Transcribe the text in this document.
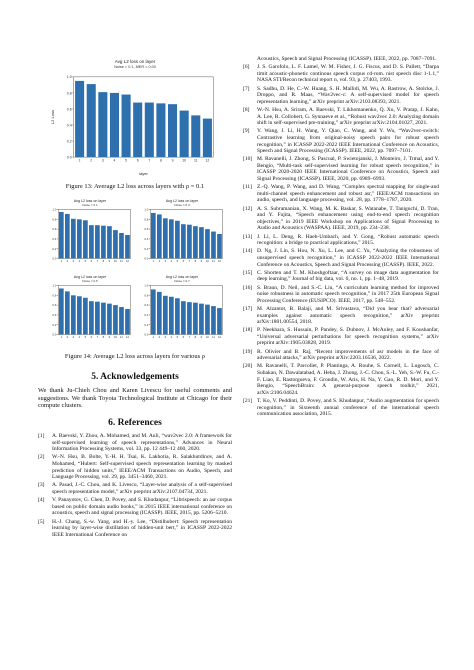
Avg L2 loss on layer
Noise = 0.1, MER = 0.00
0.0
0.2
0.4
0.6
0.8
1.0
1	2	3	4	5	6	7	8	9	10 11 12
layer
L2 Loss
Figure 13: Average L2 loss across layers with ρ = 0.1
Avg L2 loss on layer
Noise = 0.1
0.0
0.2
0.4
0.6
0.8
1.0
1 2 3 4 5 6 7 8 9 10 11 12
Avg L2 loss on layer
Noise = 0.3
0.0
0.2
0.4
0.6
0.8
1.0
1 2 3 4 5 6 7 8 9 10 11 12
Avg L2 loss on layer
Noise = 0.5
0.0
0.2
0.4
0.6
0.8
1.0
1 2 3 4 5 6 7 8 9 10 11 12
Avg L2 loss on layer
Noise = 0.7
0.0
0.2
0.4
0.6
0.8
1.0
1 2 3 4 5 6 7 8 9 10 11 12
Figure 14: Average L2 loss across layers for various ρ
5. Acknowledgements
We thank Ju-Chieh Chou and Karen Livescu for useful comments and suggestions. We thank Toyota Technological Institute at Chicago for their compute clusters.
6. References
[1] A. Baevski, Y. Zhou, A. Mohamed, and M. Auli, “wav2vec 2.0: A framework for self-supervised learning of speech representations,” Advances in Neural Information Processing Systems, vol. 33, pp. 12 449–12 460, 2020.
[2] W.-N. Hsu, B. Bolte, Y.-H. H. Tsai, K. Lakhotia, R. Salakhutdinov, and A. Mohamed, “Hubert: Self-supervised speech representation learning by masked prediction of hidden units,” IEEE/ACM Transactions on Audio, Speech, and Language Processing, vol. 29, pp. 3451–3460, 2021.
[3] A. Pasad, J.-C. Chou, and K. Livescu, “Layer-wise analysis of a self-supervised speech representation model,” arXiv preprint arXiv:2107.04734, 2021.
[4] V. Panayotov, G. Chen, D. Povey, and S. Khudanpur, “Librispeech: an asr corpus based on public domain audio books,” in 2015 IEEE international conference on acoustics, speech and signal processing (ICASSP). IEEE, 2015, pp. 5206–5210.
[5] H.-J. Chang, S.-w. Yang, and H.-y. Lee, “Distilhubert: Speech representation learning by layer-wise distillation of hidden-unit bert,” in ICASSP 2022-2022 IEEE International Conference on
Acoustics, Speech and Signal Processing (ICASSP). IEEE, 2022, pp. 7087–7091.
[6] J. S. Garofolo, L. F. Lamel, W. M. Fisher, J. G. Fiscus, and D. S. Pallett, “Darpa timit acoustic-phonetic continous speech corpus cd-rom. nist speech disc 1-1.1,” NASA STI/Recon technical report n, vol. 93, p. 27403, 1993.
[7] S. Sadhu, D. He, C.-W. Huang, S. H. Mallidi, M. Wu, A. Rastrow, A. Stolcke, J. Droppo, and R. Maas, “Wav2vec-c: A self-supervised model for speech representation learning,” arXiv preprint arXiv:2103.08393, 2021.
[8] W.-N. Hsu, A. Sriram, A. Baevski, T. Likhomanenko, Q. Xu, V. Pratap, J. Kahn, A. Lee, R. Collobert, G. Synnaeve et al., “Robust wav2vec 2.0: Analyzing domain shift in self-supervised pre-training,” arXiv preprint arXiv:2104.01027, 2021.
[9] Y. Wang, J. Li, H. Wang, Y. Qian, C. Wang, and Y. Wu, “Wav2vec-switch: Contrastive learning from original-noisy speech pairs for robust speech recognition,” in ICASSP 2022-2022 IEEE International Conference on Acoustics, Speech and Signal Processing (ICASSP). IEEE, 2022, pp. 7097–7101.
[10] M. Ravanelli, J. Zhong, S. Pascual, P. Swietojanski, J. Monteiro, J. Trmal, and Y. Bengio, “Multi-task self-supervised learning for robust speech recognition,” in ICASSP 2020-2020 IEEE International Conference on Acoustics, Speech and Signal Processing (ICASSP). IEEE, 2020, pp. 6989–6993.
[11] Z.-Q. Wang, P. Wang, and D. Wang, “Complex spectral mapping for single-and multi-channel speech enhancement and robust asr,” IEEE/ACM transactions on audio, speech, and language processing, vol. 28, pp. 1778–1787, 2020.
[12] A. S. Subramanian, X. Wang, M. K. Baskar, S. Watanabe, T. Taniguchi, D. Tran, and Y. Fujita, “Speech enhancement using end-to-end speech recognition objectives,” in 2019 IEEE Workshop on Applications of Signal Processing to Audio and Acoustics (WASPAA). IEEE, 2019, pp. 234–238.
[13] J. Li, L. Deng, R. Haeb-Umbach, and Y. Gong, “Robust automatic speech recognition: a bridge to practical applications,” 2015.
[14] D. Ng, J. Lin, S. Hou, N. Xu, L. Lee, and C. Yu, “Analyzing the robustness of unsupervised speech recognition,” in ICASSP 2022-2022 IEEE International Conference on Acoustics, Speech and Signal Processing (ICASSP). IEEE, 2022.
[15] C. Shorten and T. M. Khoshgoftaar, “A survey on image data augmentation for deep learning,” Journal of big data, vol. 6, no. 1, pp. 1–48, 2019.
[16] S. Braun, D. Neil, and S.-C. Liu, “A curriculum learning method for improved noise robustness in automatic speech recognition,” in 2017 25th European Signal Processing Conference (EUSIPCO). IEEE, 2017, pp. 548–552.
[17] M. Alzantot, B. Balaji, and M. Srivastava, “Did you hear that? adversarial examples against automatic speech recognition,” arXiv preprint arXiv:1801.00554, 2018.
[18] P. Neekhara, S. Hussain, P. Pandey, S. Dubnov, J. McAuley, and F. Koushanfar, “Universal adversarial perturbations for speech recognition systems,” arXiv preprint arXiv:1905.03828, 2019.
[19] R. Olivier and B. Raj, “Recent improvements of asr models in the face of adversarial attacks,” arXiv preprint arXiv:2203.16536, 2022.
[20] M. Ravanelli, T. Parcollet, P. Plantinga, A. Rouhe, S. Cornell, L. Lugosch, C. Subakan, N. Dawalatabad, A. Heba, J. Zhong, J.-C. Chou, S.-L. Yeh, S.-W. Fu, C.-F. Liao, E. Rastorgueva, F. Grondin, W. Aris, H. Na, Y. Gao, R. D. Mori, and Y. Bengio, “SpeechBrain: A general-purpose speech toolkit,” 2021, arXiv:2106.04624.
[21] T. Ko, V. Peddinti, D. Povey, and S. Khudanpur, “Audio augmentation for speech recognition,” in Sixteenth annual conference of the international speech communication association, 2015.
